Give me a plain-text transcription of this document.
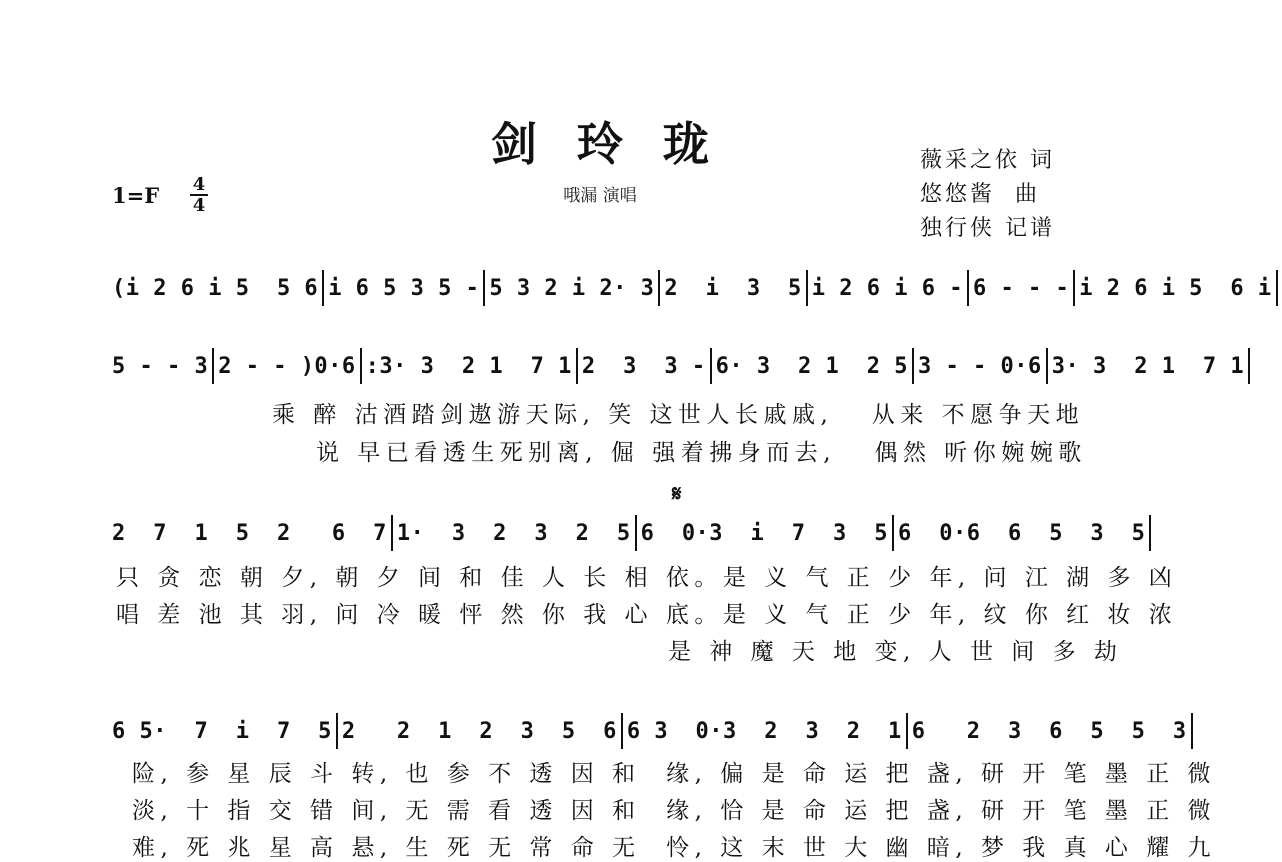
剑玲珑
哦漏 演唱
1=F 4
4
薇采之依 词
悠悠酱  曲
独行侠 记谱
(i 2 6 i 5  5 6 i 6 5 3 5 - 5 3 2 i 2· 3 2  i  3  5 i 2 6 i 6 - 6 - - - i 2 6 i 5  6 i
5 - - 3 2 - - )0·6 :3· 3  2 1  7 1 2  3  3 - 6· 3  2 1  2 5 3 - - 0·6 3· 3  2 1  7 1
乘 醉 沽酒踏剑遨游天际, 笑 这世人长戚戚,   从来 不愿争天地
说 早已看透生死别离, 倔 强着拂身而去,   偶然 听你婉婉歌
𝄋
2  7  1  5  2   6  7 1·  3  2  3  2  5 6  0·3  i  7  3  5 6  0·6  6  5  3  5
只 贪 恋 朝 夕, 朝 夕 间 和 佳 人 长 相 依。是 义 气 正 少 年, 问 江 湖 多 凶
唱 差 池 其 羽, 问 冷 暖 怦 然 你 我 心 底。是 义 气 正 少 年, 纹 你 红 妆 浓
是 神 魔 天 地 变, 人 世 间 多 劫
6 5·  7  i  7  5 2   2  1  2  3  5  6 6 3  0·3  2  3  2  1 6   2  3  6  5  5  3
险, 参 星 辰 斗 转, 也 参 不 透 因 和  缘, 偏 是 命 运 把 盏, 研 开 笔 墨 正 微
淡, 十 指 交 错 间, 无 需 看 透 因 和  缘, 恰 是 命 运 把 盏, 研 开 笔 墨 正 微
难, 死 兆 星 高 悬, 生 死 无 常 命 无  怜, 这 末 世 大 幽 暗, 梦 我 真 心 耀 九
